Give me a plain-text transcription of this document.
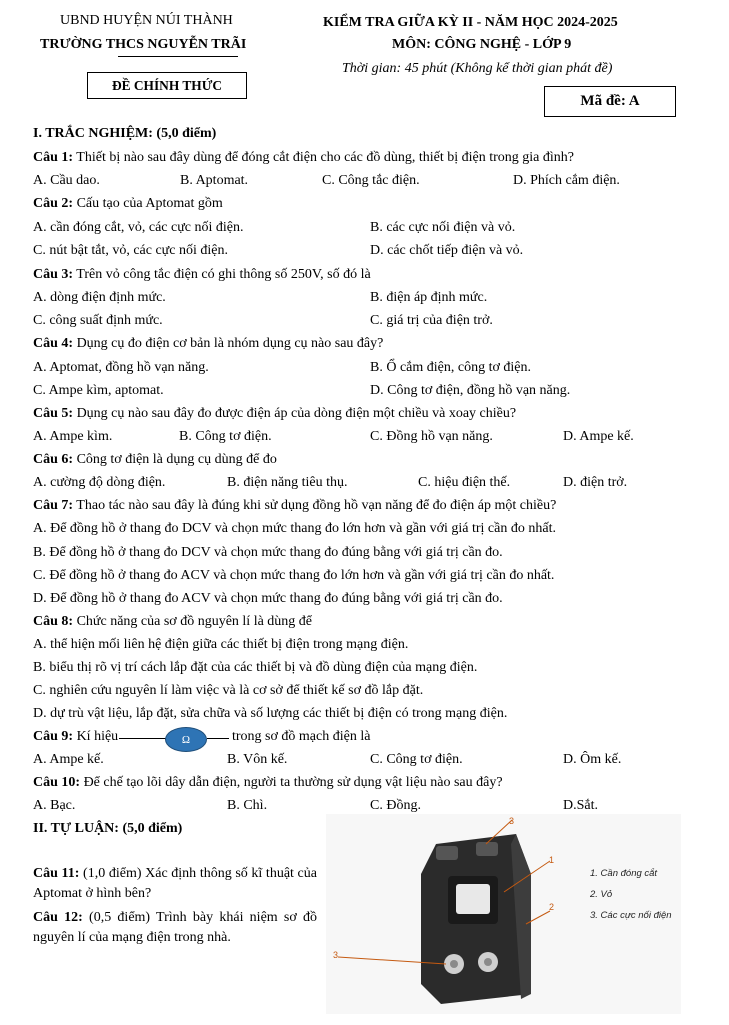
UBND HUYỆN NÚI THÀNH
TRƯỜNG THCS NGUYỄN TRÃI
ĐỀ CHÍNH THỨC
KIỂM TRA GIỮA KỲ II - NĂM HỌC 2024-2025
MÔN: CÔNG NGHỆ - LỚP 9
Thời gian: 45 phút (Không kể thời gian phát đề)
Mã đề: A
I. TRẮC NGHIỆM: (5,0 điểm)
Câu 1: Thiết bị nào sau đây dùng để đóng cắt điện cho các đồ dùng, thiết bị điện trong gia đình?
A. Cầu dao.	B. Aptomat.	C. Công tắc điện.	D. Phích cắm điện.
Câu 2: Cấu tạo của Aptomat gồm
A. cần đóng cắt, vỏ, các cực nối điện.	B. các cực nối điện và vỏ.
C. nút bật tắt, vỏ, các cực nối điện.	D. các chốt tiếp điện và vỏ.
Câu 3: Trên vỏ công tắc điện có ghi thông số 250V, số đó là
A. dòng điện định mức.	B. điện áp định mức.
C. công suất định mức.	C. giá trị của điện trở.
Câu 4: Dụng cụ đo điện cơ bản là nhóm dụng cụ nào sau đây?
A. Aptomat, đồng hồ vạn năng.	B. Ổ cắm điện, công tơ điện.
C. Ampe kìm, aptomat.	D. Công tơ điện, đồng hồ vạn năng.
Câu 5: Dụng cụ nào sau đây đo được điện áp của dòng điện một chiều và xoay chiều?
A. Ampe kìm.	B. Công tơ điện.	C. Đồng hồ vạn năng.	D. Ampe kế.
Câu 6: Công tơ điện là dụng cụ dùng để đo
A. cường độ dòng điện.	B. điện năng tiêu thụ.	C. hiệu điện thế.	D. điện trở.
Câu 7: Thao tác nào sau đây là đúng khi sử dụng đồng hồ vạn năng để đo điện áp một chiều?
A. Để đồng hồ ở thang đo DCV và chọn mức thang đo lớn hơn và gần với giá trị cần đo nhất.
B. Để đồng hồ ở thang đo DCV và chọn mức thang đo đúng bằng với giá trị cần đo.
C. Để đồng hồ ở thang đo ACV và chọn mức thang đo lớn hơn và gần với giá trị cần đo nhất.
D. Để đồng hồ ở thang đo ACV và chọn mức thang đo đúng bằng với giá trị cần đo.
Câu 8: Chức năng của sơ đồ nguyên lí là dùng để
A. thể hiện mối liên hệ điện giữa các thiết bị điện trong mạng điện.
B. biểu thị rõ vị trí cách lắp đặt của các thiết bị và đồ dùng điện của mạng điện.
C. nghiên cứu nguyên lí làm việc và là cơ sở để thiết kế sơ đồ lắp đặt.
D. dự trù vật liệu, lắp đặt, sửa chữa và số lượng các thiết bị điện có trong mạng điện.
Câu 9: Kí hiệu	Ω	trong sơ đồ mạch điện là
A. Ampe kế.	B. Vôn kế.	C. Công tơ điện.	D. Ôm kế.
Câu 10: Để chế tạo lõi dây dẫn điện, người ta thường sử dụng vật liệu nào sau đây?
A. Bạc.	B. Chì.	C. Đồng.	D.Sắt.
II. TỰ LUẬN: (5,0 điểm)
Câu 11: (1,0 điểm) Xác định thông số kĩ thuật của Aptomat ở hình bên?
Câu 12: (0,5 điểm) Trình bày khái niệm sơ đồ nguyên lí của mạng điện trong nhà.
3
1
2
3
1. Cần đóng cắt
2. Vỏ
3. Các cực nối điện
